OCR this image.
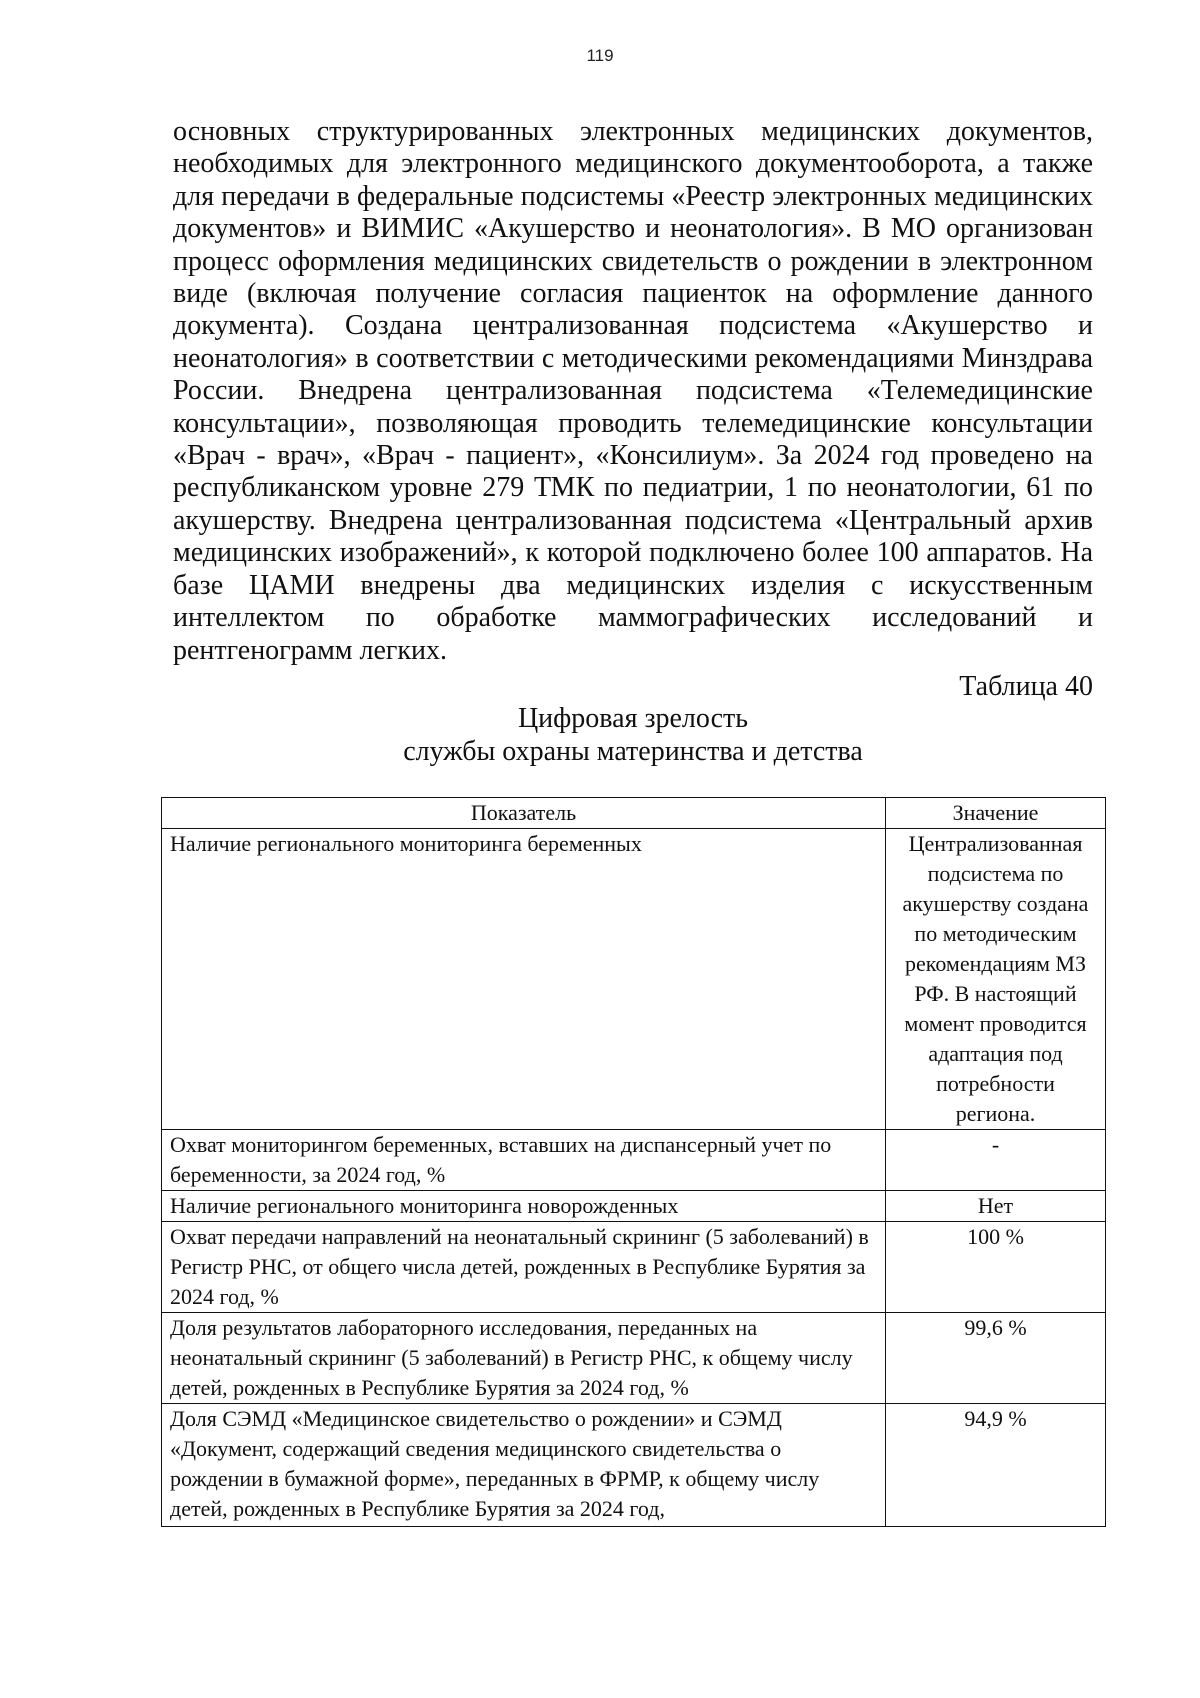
119

основных структурированных электронных медицинских документов, необходимых для электронного медицинского документооборота, а также для передачи в федеральные подсистемы «Реестр электронных медицинских документов» и ВИМИС «Акушерство и неонатология». В МО организован процесс оформления медицинских свидетельств о рождении в электронном виде (включая получение согласия пациенток на оформление данного документа). Создана централизованная подсистема «Акушерство и неонатология» в соответствии с методическими рекомендациями Минздрава России. Внедрена централизованная подсистема «Телемедицинские консультации», позволяющая проводить телемедицинские консультации «Врач - врач», «Врач - пациент», «Консилиум». За 2024 год проведено на республиканском уровне 279 ТМК по педиатрии, 1 по неонатологии, 61 по акушерству. Внедрена централизованная подсистема «Центральный архив медицинских изображений», к которой подключено более 100 аппаратов. На базе ЦАМИ внедрены два медицинских изделия с искусственным интеллектом по обработке маммографических исследований и рентгенограмм легких.

Таблица 40
Цифровая зрелость
службы охраны материнства и детства
Показатель	Значение
Наличие регионального мониторинга беременных	Централизованная подсистема по акушерству создана по методическим рекомендациям МЗ РФ. В настоящий момент проводится адаптация под потребности региона.
Охват мониторингом беременных, вставших на диспансерный учет по беременности, за 2024 год, %	-
Наличие регионального мониторинга новорожденных	Нет
Охват передачи направлений на неонатальный скрининг (5 заболеваний) в Регистр РНС, от общего числа детей, рожденных в Республике Бурятия за 2024 год, %	100 %
Доля результатов лабораторного исследования, переданных на неонатальный скрининг (5 заболеваний) в Регистр РНС, к общему числу детей, рожденных в Республике Бурятия за 2024 год, %	99,6 %
Доля СЭМД «Медицинское свидетельство о рождении» и СЭМД «Документ, содержащий сведения медицинского свидетельства о рождении в бумажной форме», переданных в ФРМР, к общему числу детей, рожденных в Республике Бурятия за 2024 год,	94,9 %
